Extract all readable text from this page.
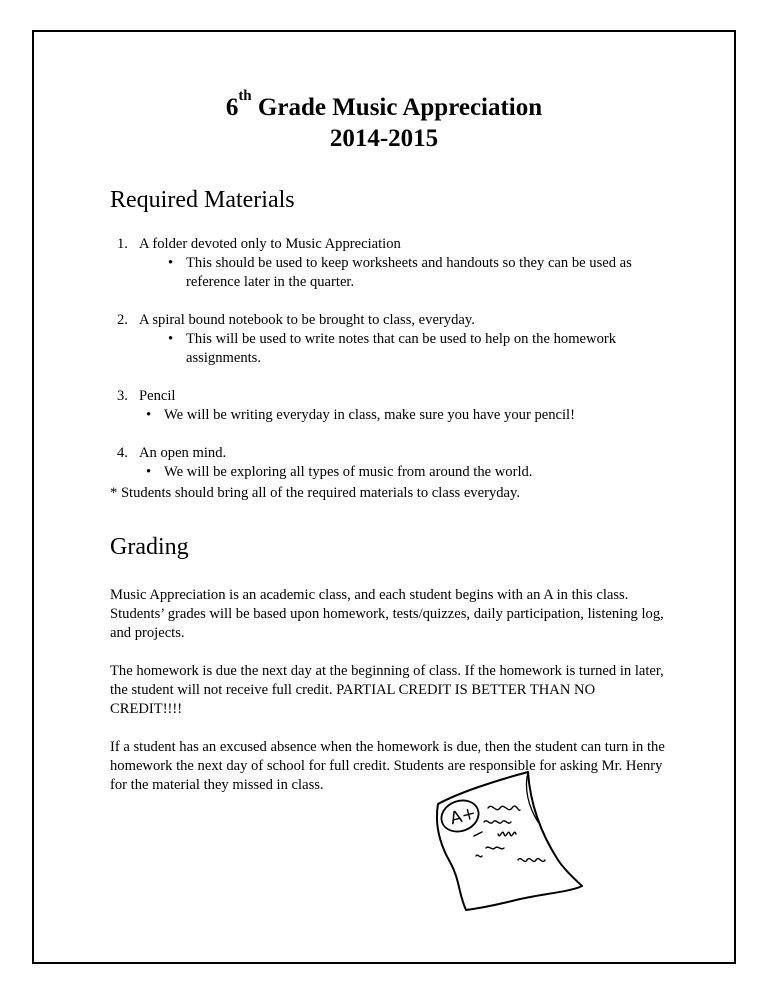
6th Grade Music Appreciation
2014-2015
Required Materials
1. A folder devoted only to Music Appreciation
• This should be used to keep worksheets and handouts so they can be used as reference later in the quarter.
2. A spiral bound notebook to be brought to class, everyday.
• This will be used to write notes that can be used to help on the homework assignments.
3. Pencil
• We will be writing everyday in class, make sure you have your pencil!
4. An open mind.
• We will be exploring all types of music from around the world.
* Students should bring all of the required materials to class everyday.
Grading

Music Appreciation is an academic class, and each student begins with an A in this class. Students’ grades will be based upon homework, tests/quizzes, daily participation, listening log, and projects.

The homework is due the next day at the beginning of class. If the homework is turned in later, the student will not receive full credit. PARTIAL CREDIT IS BETTER THAN NO CREDIT!!!!

If a student has an excused absence when the homework is due, then the student can turn in the homework the next day of school for full credit. Students are responsible for asking Mr. Henry for the material they missed in class.

A+
